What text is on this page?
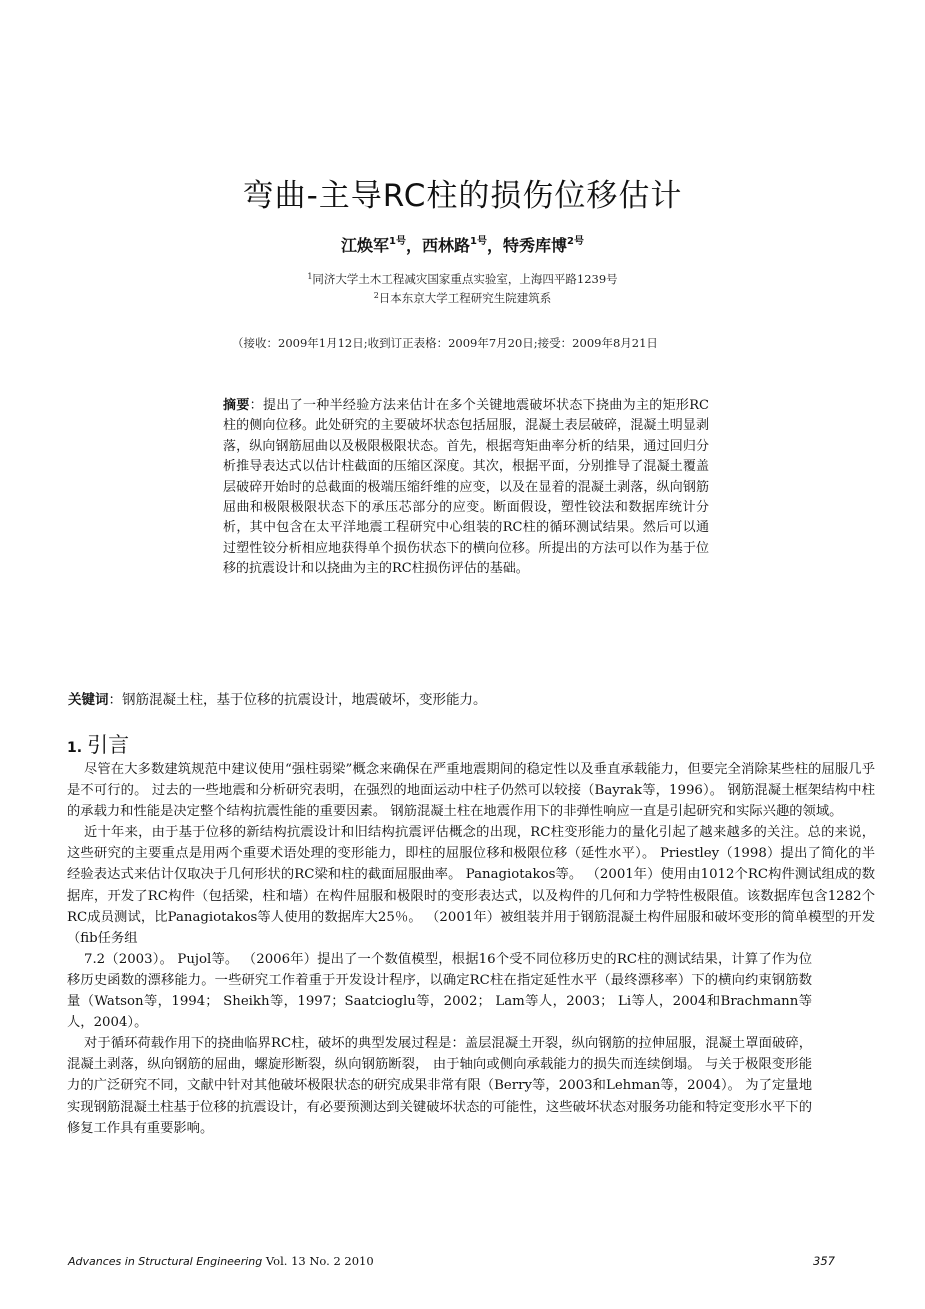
弯曲-主导RC柱的损伤位移估计
江焕军$^{1号}$，西林路$^{1号}$，特秀库博$^{2号}$
$^1$同济大学土木工程减灾国家重点实验室，上海四平路1239号
$^2$日本东京大学工程研究生院建筑系
（接收：2009年1月12日;收到订正表格：2009年7月20日;接受：2009年8月21日
摘要：提出了一种半经验方法来估计在多个关键地震破坏状态下挠曲为主的矩形RC柱的侧向位移。此处研究的主要破坏状态包括屈服，混凝土表层破碎，混凝土明显剥落，纵向钢筋屈曲以及极限极限状态。首先，根据弯矩曲率分析的结果，通过回归分析推导表达式以估计柱截面的压缩区深度。其次，根据平面，分别推导了混凝土覆盖层破碎开始时的总截面的极端压缩纤维的应变，以及在显着的混凝土剥落，纵向钢筋屈曲和极限极限状态下的承压芯部分的应变。断面假设，塑性铰法和数据库统计分析，其中包含在太平洋地震工程研究中心组装的RC柱的循环测试结果。然后可以通过塑性铰分析相应地获得单个损伤状态下的横向位移。所提出的方法可以作为基于位移的抗震设计和以挠曲为主的RC柱损伤评估的基础。
关键词：钢筋混凝土柱，基于位移的抗震设计，地震破坏，变形能力。
1. 引言

尽管在大多数建筑规范中建议使用“强柱弱梁”概念来确保在严重地震期间的稳定性以及垂直承载能力，但要完全消除某些柱的屈服几乎是不可行的。 过去的一些地震和分析研究表明，在强烈的地面运动中柱子仍然可以较接（Bayrak等，1996）。 钢筋混凝土框架结构中柱的承载力和性能是决定整个结构抗震性能的重要因素。 钢筋混凝土柱在地震作用下的非弹性响应一直是引起研究和实际兴趣的领域。

近十年来，由于基于位移的新结构抗震设计和旧结构抗震评估概念的出现，RC柱变形能力的量化引起了越来越多的关注。总的来说，这些研究的主要重点是用两个重要术语处理的变形能力，即柱的屈服位移和极限位移（延性水平）。 Priestley（1998）提出了简化的半经验表达式来估计仅取决于几何形状的RC梁和柱的截面屈服曲率。 Panagiotakos等。 （2001年）使用由1012个RC构件测试组成的数据库，开发了RC构件（包括梁，柱和墙）在构件屈服和极限时的变形表达式，以及构件的几何和力学特性极限值。该数据库包含1282个RC成员测试，比Panagiotakos等人使用的数据库大25％。 （2001年）被组装并用于钢筋混凝土构件屈服和破坏变形的简单模型的开发（fib任务组

7.2（2003）。 Pujol等。 （2006年）提出了一个数值模型，根据16个受不同位移历史的RC柱的测试结果，计算了作为位移历史函数的漂移能力。一些研究工作着重于开发设计程序，以确定RC柱在指定延性水平（最终漂移率）下的横向约束钢筋数量（Watson等，1994； Sheikh等，1997；Saatcioglu等，2002； Lam等人，2003； Li等人，2004和Brachmann等人，2004）。

对于循环荷载作用下的挠曲临界RC柱，破坏的典型发展过程是：盖层混凝土开裂，纵向钢筋的拉伸屈服，混凝土罩面破碎，混凝土剥落，纵向钢筋的屈曲，螺旋形断裂，纵向钢筋断裂， 由于轴向或侧向承载能力的损失而连续倒塌。 与关于极限变形能力的广泛研究不同，文献中针对其他破坏极限状态的研究成果非常有限（Berry等，2003和Lehman等，2004）。 为了定量地实现钢筋混凝土柱基于位移的抗震设计，有必要预测达到关键破坏状态的可能性，这些破坏状态对服务功能和特定变形水平下的修复工作具有重要影响。

Advances in Structural Engineering Vol. 13 No. 2 2010	357
